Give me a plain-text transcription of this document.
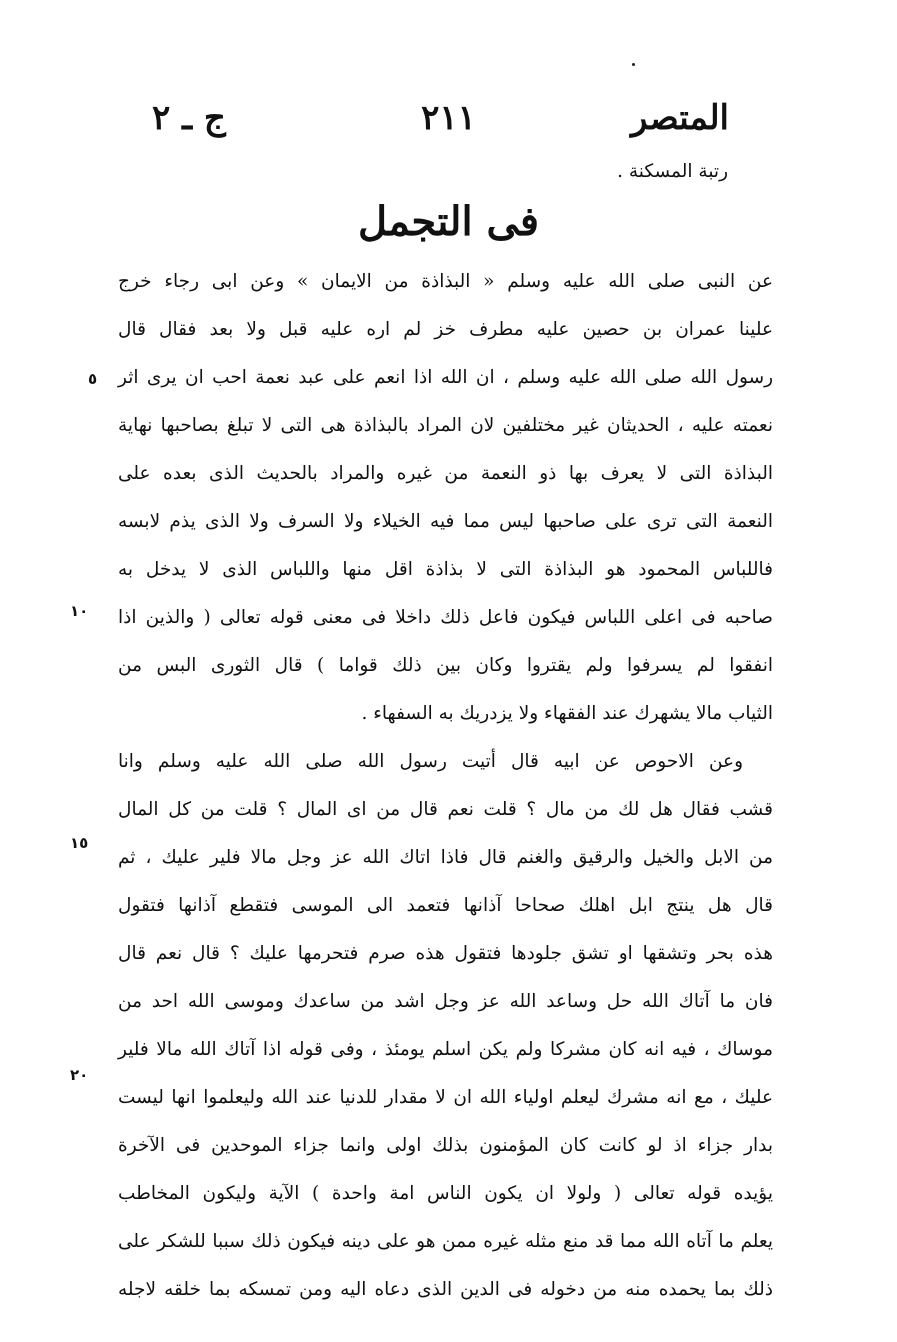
المتصر
٢١١
ج ـ ٢
رتبة المسكنة .
فى التجمل
عن النبى صلى الله عليه وسلم « البذاذة من الايمان » وعن ابى رجاء خرج
علينا عمران بن حصين عليه مطرف خز لم اره عليه قبل ولا بعد فقال قال
رسول الله صلى الله عليه وسلم ، ان الله اذا انعم على عبد نعمة احب ان يرى اثر
نعمته عليه ، الحديثان غير مختلفين لان المراد بالبذاذة هى التى لا تبلغ بصاحبها نهاية
البذاذة التى لا يعرف بها ذو النعمة من غيره والمراد بالحديث الذى بعده على
النعمة التى ترى على صاحبها ليس مما فيه الخيلاء ولا السرف ولا الذى يذم لابسه
فاللباس المحمود هو البذاذة التى لا بذاذة اقل منها واللباس الذى لا يدخل به
صاحبه فى اعلى اللباس فيكون فاعل ذلك داخلا فى معنى قوله تعالى ( والذين اذا
انفقوا لم يسرفوا ولم يقتروا وكان بين ذلك قواما ) قال الثورى البس من
الثياب مالا يشهرك عند الفقهاء ولا يزدريك به السفهاء .
وعن الاحوص عن ابيه قال أتيت رسول الله صلى الله عليه وسلم وانا
قشب فقال هل لك من مال ؟ قلت نعم قال من اى المال ؟ قلت من كل المال
من الابل والخيل والرقيق والغنم قال فاذا اتاك الله عز وجل مالا فلير عليك ، ثم
قال هل ينتج ابل اهلك صحاحا آذانها فتعمد الى الموسى فتقطع آذانها فتقول
هذه بحر وتشقها او تشق جلودها فتقول هذه صرم فتحرمها عليك ؟ قال نعم قال
فان ما آتاك الله حل وساعد الله عز وجل اشد من ساعدك وموسى الله احد من
موساك ، فيه انه كان مشركا ولم يكن اسلم يومئذ ، وفى قوله اذا آتاك الله مالا فلير
عليك ، مع انه مشرك ليعلم اولياء الله ان لا مقدار للدنيا عند الله وليعلموا انها ليست
بدار جزاء اذ لو كانت كان المؤمنون بذلك اولى وانما جزاء الموحدين فى الآخرة
يؤيده قوله تعالى ( ولولا ان يكون الناس امة واحدة ) الآية وليكون المخاطب
يعلم ما آتاه الله مما قد منع مثله غيره ممن هو على دينه فيكون ذلك سببا للشكر على
ذلك بما يحمده منه من دخوله فى الدين الذى دعاه اليه ومن تمسكه بما خلقه لاجله
٥
١٠
١٥
٢٠
